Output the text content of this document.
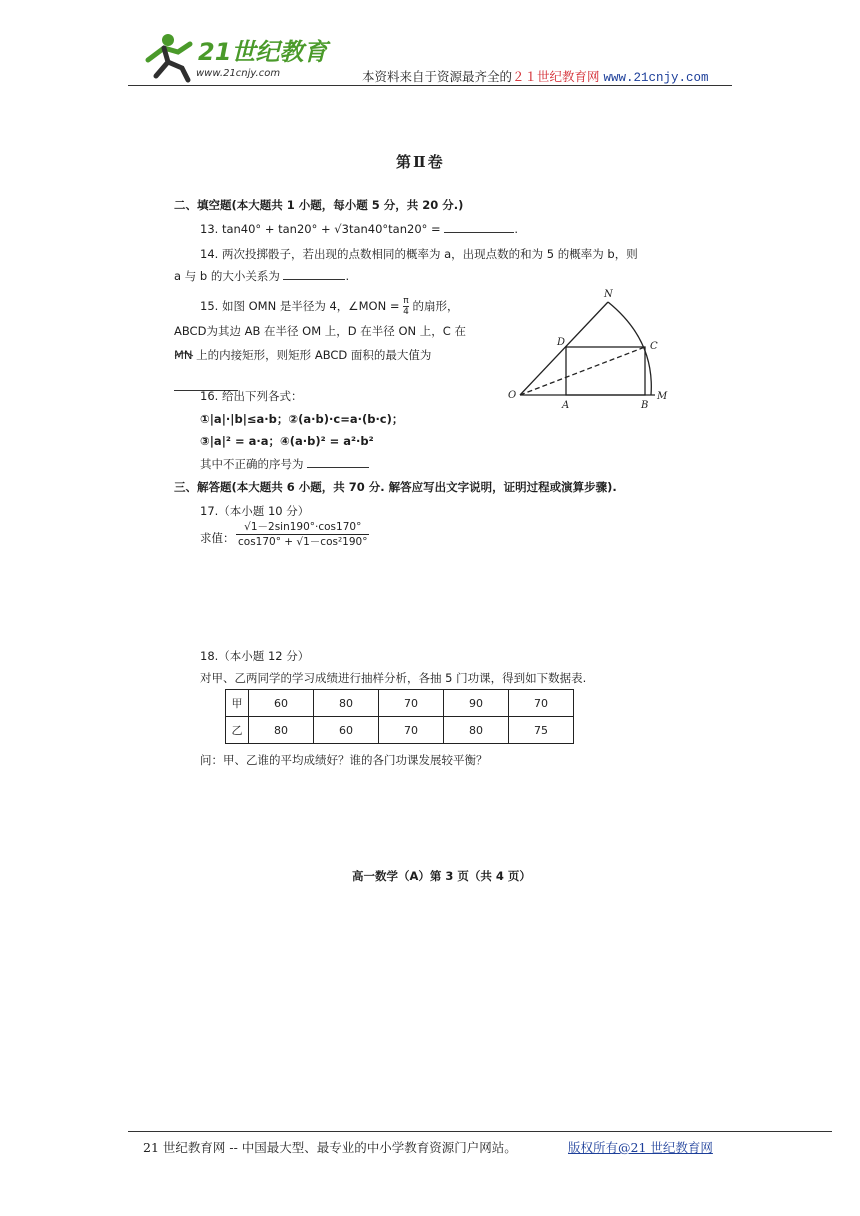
21世纪教育
www.21cnjy.com	本资料来自于资源最齐全的２１世纪教育网 www.21cnjy.com
第Ⅱ卷
二、填空题(本大题共 1 小题，每小题 5 分，共 20 分.)
13. tan40° + tan20° + √3tan40°tan20° =	.
14. 两次投掷骰子，若出现的点数相同的概率为 a，出现点数的和为 5 的概率为 b，则
a 与 b 的大小关系为	.
15. 如图 OMN 是半径为 4，∠MON = $\frac{\pi}{4}$ 的扇形，
ABCD为其边 AB 在半径 OM 上，D 在半径 ON 上，C 在
MN 上的内接矩形，则矩形 ABCD 面积的最大值为
O
A	B
M
N
C
D
16. 给出下列各式：
①|a|·|b|≤a·b；②(a·b)·c=a·(b·c)；
③|a|² = a·a；④(a·b)² = a²·b²
其中不正确的序号为
三、解答题(本大题共 6 小题，共 70 分. 解答应写出文字说明，证明过程或演算步骤).
17.（本小题 10 分）
求值： $\frac{√1-2\sin 190^\circ\cdot\cos 170^\circ}{\text{cos170° + √1－cos²190°}}$
18.（本小题 12 分）
对甲、乙两同学的学习成绩进行抽样分析，各抽 5 门功课，得到如下数据表.
甲	60	80	70	90	70
乙	80	60	70	80	75
问：甲、乙谁的平均成绩好？谁的各门功课发展较平衡？
高一数学（A）第 3 页（共 4 页）
21 世纪教育网 -- 中国最大型、最专业的中小学教育资源门户网站。	版权所有@21 世纪教育网
